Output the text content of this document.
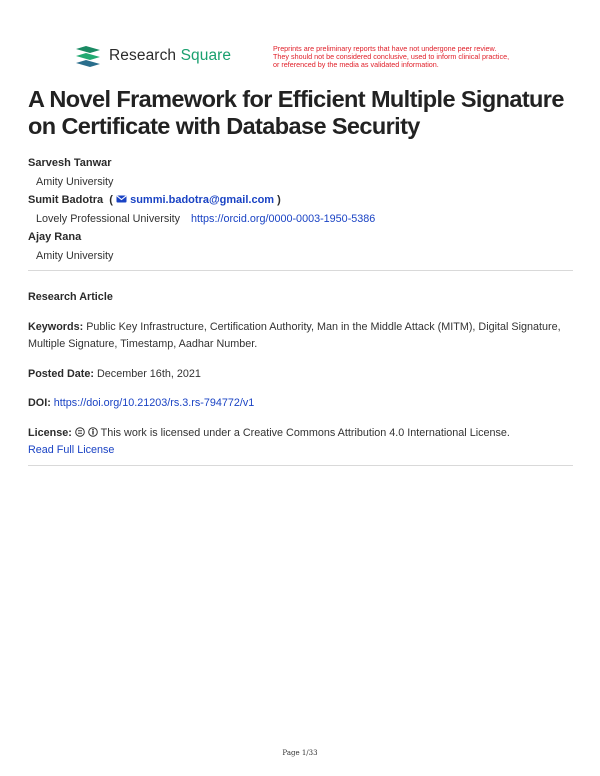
Research Square	Preprints are preliminary reports that have not undergone peer review.
They should not be considered conclusive, used to inform clinical practice,
or referenced by the media as validated information.
A Novel Framework for Efficient Multiple Signature
on Certificate with Database Security
Sarvesh Tanwar
Amity University
Sumit Badotra  (  summi.badotra@gmail.com )
Lovely Professional University https://orcid.org/0000-0003-1950-5386
Ajay Rana
Amity University
Research Article
Keywords: Public Key Infrastructure, Certification Authority, Man in the Middle Attack (MITM), Digital Signature, Multiple Signature, Timestamp, Aadhar Number.
Posted Date: December 16th, 2021
DOI: https://doi.org/10.21203/rs.3.rs-794772/v1
License:	This work is licensed under a Creative Commons Attribution 4.0 International License.
Read Full License
Page 1/33
